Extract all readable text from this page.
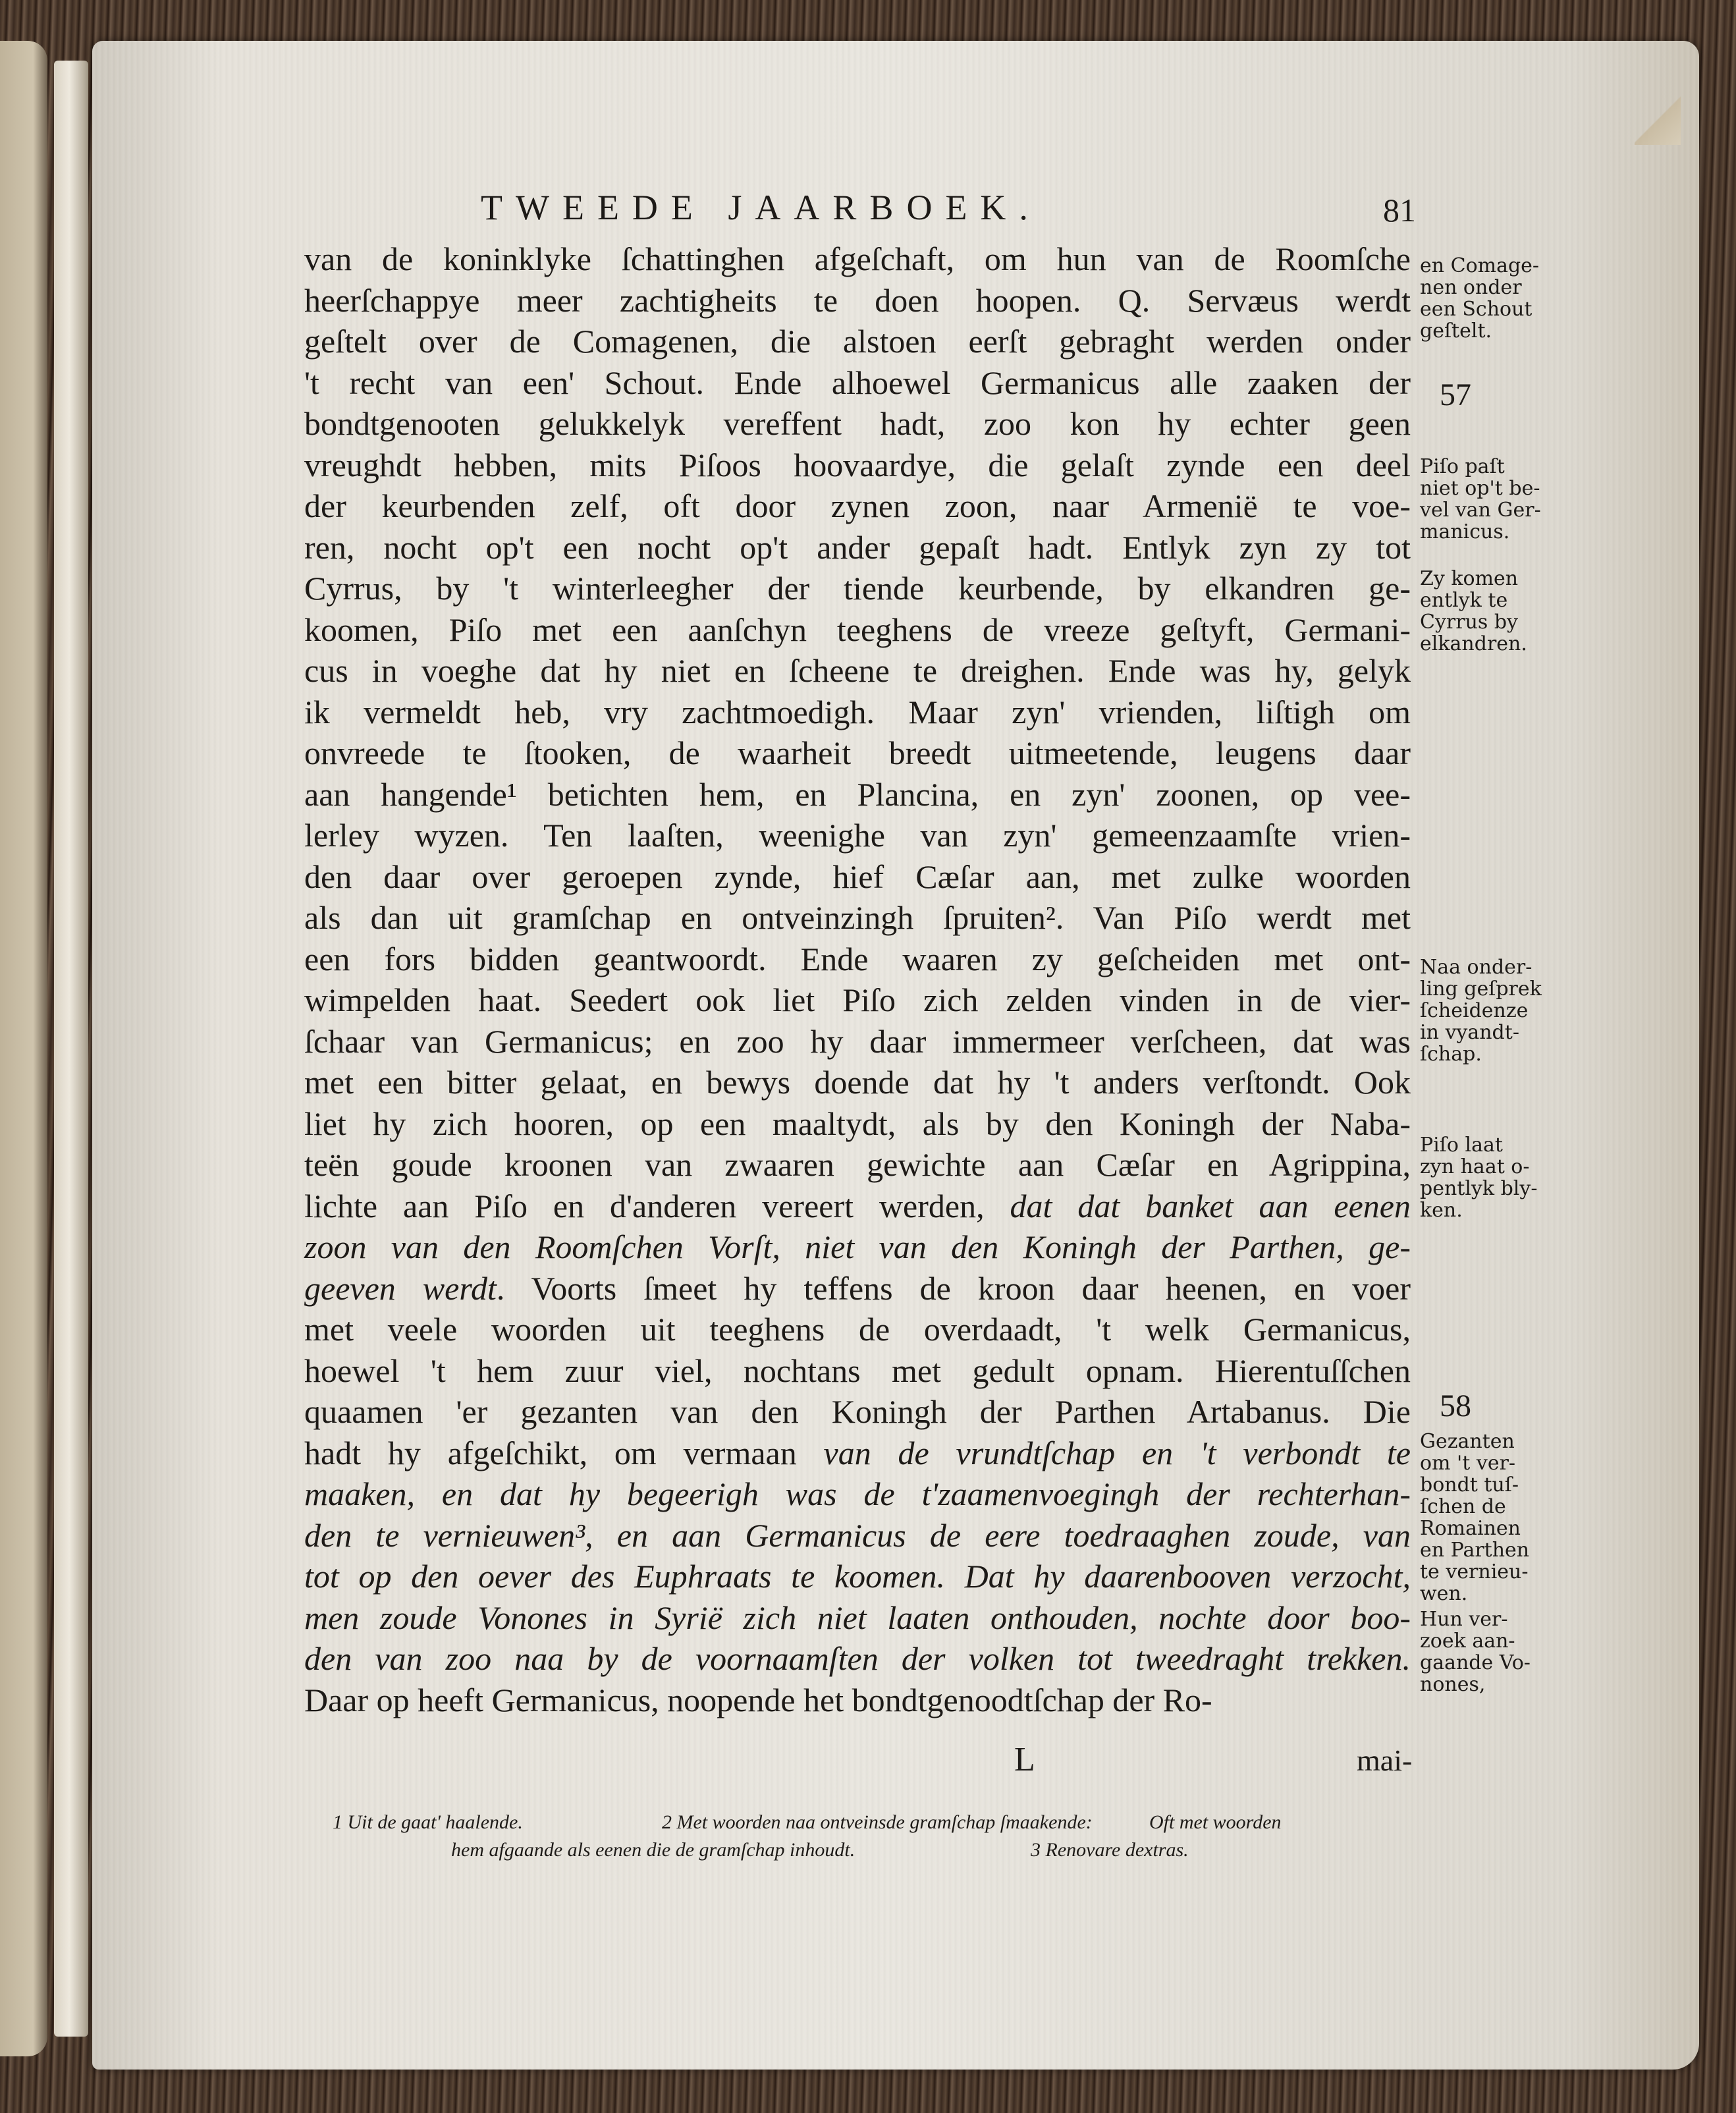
TWEEDE JAARBOEK.	81
van de koninklyke ſchattinghen afgeſchaft, om hun van de Roomſche
heerſchappye meer zachtigheits te doen hoopen. Q. Servæus werdt
geſtelt over de Comagenen, die alstoen eerſt gebraght werden onder
't recht van een' Schout. Ende alhoewel Germanicus alle zaaken der
bondtgenooten gelukkelyk vereffent hadt, zoo kon hy echter geen
vreughdt hebben, mits Piſoos hoovaardye, die gelaſt zynde een deel
der keurbenden zelf, oft door zynen zoon, naar Armenië te voe-
ren, nocht op't een nocht op't ander gepaſt hadt. Entlyk zyn zy tot
Cyrrus, by 't winterleegher der tiende keurbende, by elkandren ge-
koomen, Piſo met een aanſchyn teeghens de vreeze geſtyft, Germani-
cus in voeghe dat hy niet en ſcheene te dreighen. Ende was hy, gelyk
ik vermeldt heb, vry zachtmoedigh. Maar zyn' vrienden, liſtigh om
onvreede te ſtooken, de waarheit breedt uitmeetende, leugens daar
aan hangende¹ betichten hem, en Plancina, en zyn' zoonen, op vee-
lerley wyzen. Ten laaſten, weenighe van zyn' gemeenzaamſte vrien-
den daar over geroepen zynde, hief Cæſar aan, met zulke woorden
als dan uit gramſchap en ontveinzingh ſpruiten². Van Piſo werdt met
een fors bidden geantwoordt. Ende waaren zy geſcheiden met ont-
wimpelden haat. Seedert ook liet Piſo zich zelden vinden in de vier-
ſchaar van Germanicus; en zoo hy daar immermeer verſcheen, dat was
met een bitter gelaat, en bewys doende dat hy 't anders verſtondt. Ook
liet hy zich hooren, op een maaltydt, als by den Koningh der Naba-
teën goude kroonen van zwaaren gewichte aan Cæſar en Agrippina,
lichte aan Piſo en d'anderen vereert werden, dat dat banket aan eenen
zoon van den Roomſchen Vorſt, niet van den Koningh der Parthen, ge-
geeven werdt. Voorts ſmeet hy teffens de kroon daar heenen, en voer
met veele woorden uit teeghens de overdaadt, 't welk Germanicus,
hoewel 't hem zuur viel, nochtans met gedult opnam. Hierentuſſchen
quaamen 'er gezanten van den Koningh der Parthen Artabanus. Die
hadt hy afgeſchikt, om vermaan van de vrundtſchap en 't verbondt te
maaken, en dat hy begeerigh was de t'zaamenvoegingh der rechterhan-
den te vernieuwen³, en aan Germanicus de eere toedraaghen zoude, van
tot op den oever des Euphraats te koomen. Dat hy daarenbooven verzocht,
men zoude Vonones in Syrië zich niet laaten onthouden, nochte door boo-
den van zoo naa by de voornaamſten der volken tot tweedraght trekken.
Daar op heeft Germanicus, noopende het bondtgenoodtſchap der Ro-
en Comage-
nen onder
een Schout
geſtelt.
57
Piſo paſt
niet op't be-
vel van Ger-
manicus.
Zy komen
entlyk te
Cyrrus by
elkandren.
Naa onder-
ling geſprek
ſcheidenze
in vyandt-
ſchap.
Piſo laat
zyn haat o-
pentlyk bly-
ken.
58
Gezanten
om 't ver-
bondt tuſ-
ſchen de
Romainen
en Parthen
te vernieu-
wen.
Hun ver-
zoek aan-
gaande Vo-
nones,
L	mai-
1 Uit de gaat' haalende.	2 Met woorden naa ontveinsde gramſchap ſmaakende:	Oft met woorden
hem afgaande als eenen die de gramſchap inhoudt.	3 Renovare dextras.
